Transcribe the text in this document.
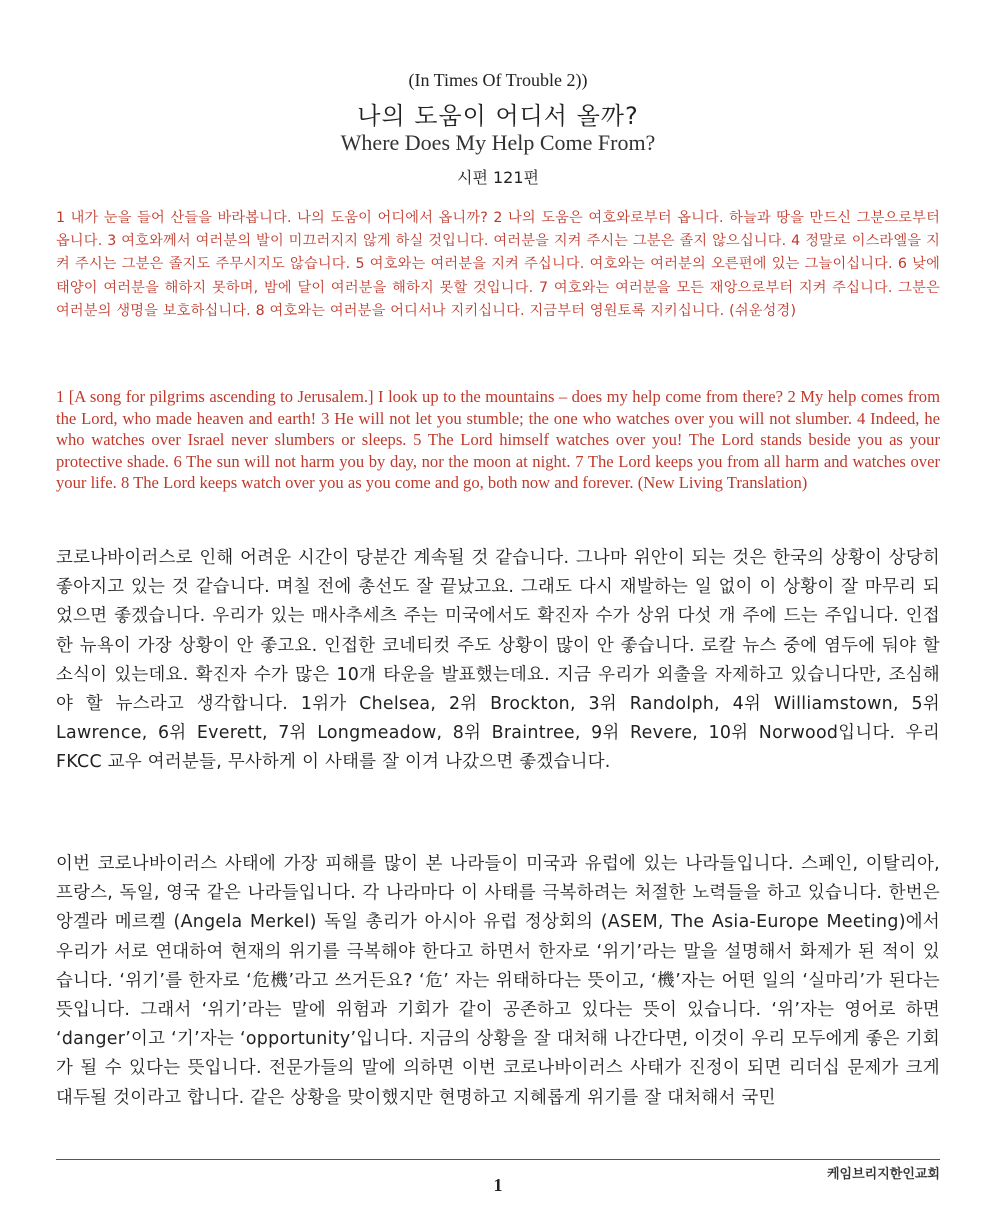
(In Times Of Trouble 2))
나의 도움이 어디서 올까?
Where Does My Help Come From?
시편 121편
1 내가 눈을 들어 산들을 바라봅니다. 나의 도움이 어디에서 옵니까? 2 나의 도움은 여호와로부터 옵니다. 하늘과 땅을 만드신 그분으로부터 옵니다. 3 여호와께서 여러분의 발이 미끄러지지 않게 하실 것입니다. 여러분을 지켜 주시는 그분은 졸지 않으십니다. 4 정말로 이스라엘을 지켜 주시는 그분은 졸지도 주무시지도 않습니다. 5 여호와는 여러분을 지켜 주십니다. 여호와는 여러분의 오른편에 있는 그늘이십니다. 6 낮에 태양이 여러분을 해하지 못하며, 밤에 달이 여러분을 해하지 못할 것입니다. 7 여호와는 여러분을 모든 재앙으로부터 지켜 주십니다. 그분은 여러분의 생명을 보호하십니다. 8 여호와는 여러분을 어디서나 지키십니다. 지금부터 영원토록 지키십니다. (쉬운성경)
1 [A song for pilgrims ascending to Jerusalem.] I look up to the mountains – does my help come from there? 2 My help comes from the Lord, who made heaven and earth! 3 He will not let you stumble; the one who watches over you will not slumber. 4 Indeed, he who watches over Israel never slumbers or sleeps. 5 The Lord himself watches over you! The Lord stands beside you as your protective shade. 6 The sun will not harm you by day, nor the moon at night. 7 The Lord keeps you from all harm and watches over your life. 8 The Lord keeps watch over you as you come and go, both now and forever. (New Living Translation)
코로나바이러스로 인해 어려운 시간이 당분간 계속될 것 같습니다. 그나마 위안이 되는 것은 한국의 상황이 상당히 좋아지고 있는 것 같습니다. 며칠 전에 총선도 잘 끝났고요. 그래도 다시 재발하는 일 없이 이 상황이 잘 마무리 되었으면 좋겠습니다. 우리가 있는 매사추세츠 주는 미국에서도 확진자 수가 상위 다섯 개 주에 드는 주입니다. 인접한 뉴욕이 가장 상황이 안 좋고요. 인접한 코네티컷 주도 상황이 많이 안 좋습니다. 로칼 뉴스 중에 염두에 둬야 할 소식이 있는데요. 확진자 수가 많은 10개 타운을 발표했는데요. 지금 우리가 외출을 자제하고 있습니다만, 조심해야 할 뉴스라고 생각합니다. 1위가 Chelsea, 2위 Brockton, 3위 Randolph, 4위 Williamstown, 5위 Lawrence, 6위 Everett, 7위 Longmeadow, 8위 Braintree, 9위 Revere, 10위 Norwood입니다. 우리 FKCC 교우 여러분들, 무사하게 이 사태를 잘 이겨 나갔으면 좋겠습니다.
이번 코로나바이러스 사태에 가장 피해를 많이 본 나라들이 미국과 유럽에 있는 나라들입니다. 스페인, 이탈리아, 프랑스, 독일, 영국 같은 나라들입니다. 각 나라마다 이 사태를 극복하려는 처절한 노력들을 하고 있습니다. 한번은 앙겔라 메르켈 (Angela Merkel) 독일 총리가 아시아 유럽 정상회의 (ASEM, The Asia-Europe Meeting)에서 우리가 서로 연대하여 현재의 위기를 극복해야 한다고 하면서 한자로 ‘위기’라는 말을 설명해서 화제가 된 적이 있습니다. ‘위기’를 한자로 ‘危機’라고 쓰거든요? ‘危’ 자는 위태하다는 뜻이고, ‘機’자는 어떤 일의 ‘실마리’가 된다는 뜻입니다. 그래서 ‘위기’라는 말에 위험과 기회가 같이 공존하고 있다는 뜻이 있습니다. ‘위’자는 영어로 하면 ‘danger’이고 ‘기’자는 ‘opportunity’입니다. 지금의 상황을 잘 대처해 나간다면, 이것이 우리 모두에게 좋은 기회가 될 수 있다는 뜻입니다. 전문가들의 말에 의하면 이번 코로나바이러스 사태가 진정이 되면 리더십 문제가 크게 대두될 것이라고 합니다. 같은 상황을 맞이했지만 현명하고 지혜롭게 위기를 잘 대처해서 국민
케임브리지한인교회
1
